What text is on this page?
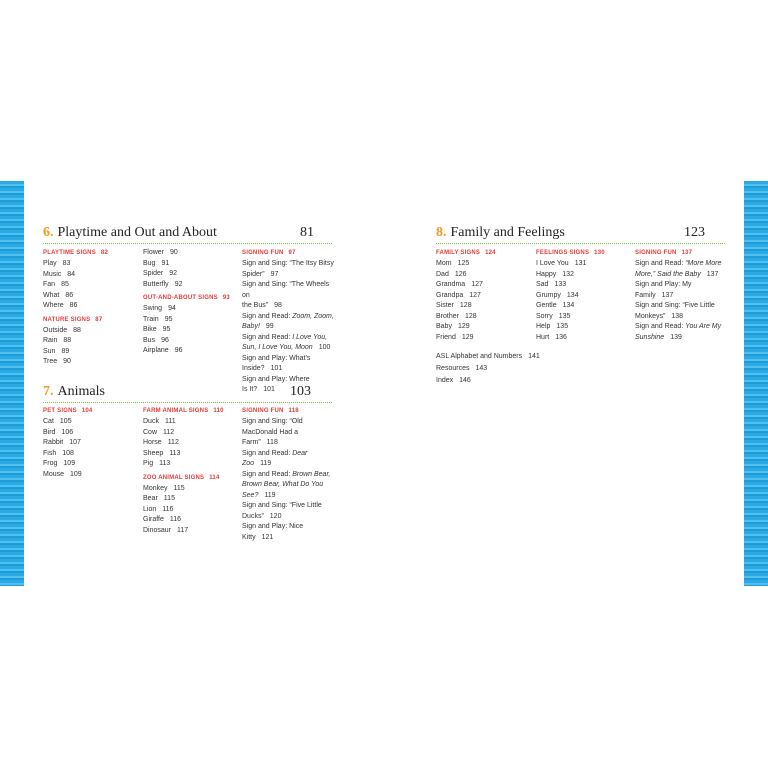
6. Playtime and Out and About	81
PLAYTIME SIGNS 82
Play 83
Music 84
Fan 85
What 86
Where 86
NATURE SIGNS 87
Outside 88
Rain 88
Sun 89
Tree 90
Flower 90
Bug 91
Spider 92
Butterfly 92
OUT-AND-ABOUT SIGNS 93
Swing 94
Train 95
Bike 95
Bus 96
Airplane 96
SIGNING FUN 97
Sign and Sing: “The Itsy Bitsy
Spider” 97
Sign and Sing: “The Wheels on
the Bus” 98
Sign and Read: Zoom, Zoom,
Baby! 99
Sign and Read: I Love You,
Sun, I Love You, Moon 100
Sign and Play: What’s
Inside? 101
Sign and Play: Where
Is It? 101
7. Animals	103
PET SIGNS 104
Cat 105
Bird 106
Rabbit 107
Fish 108
Frog 109
Mouse 109
FARM ANIMAL SIGNS 110
Duck 111
Cow 112
Horse 112
Sheep 113
Pig 113
ZOO ANIMAL SIGNS 114
Monkey 115
Bear 115
Lion 116
Giraffe 116
Dinosaur 117
SIGNING FUN 118
Sign and Sing: “Old
MacDonald Had a Farm” 118
Sign and Read: Dear Zoo 119
Sign and Read: Brown Bear,
Brown Bear, What Do You
See? 119
Sign and Sing: “Five Little
Ducks” 120
Sign and Play: Nice Kitty 121
8. Family and Feelings	123
FAMILY SIGNS 124
Mom 125
Dad 126
Grandma 127
Grandpa 127
Sister 128
Brother 128
Baby 129
Friend 129
FEELINGS SIGNS 130
I Love You 131
Happy 132
Sad 133
Grumpy 134
Gentle 134
Sorry 135
Help 135
Hurt 136
SIGNING FUN 137
Sign and Read: “More More
More,” Said the Baby 137
Sign and Play: My Family 137
Sign and Sing: “Five Little
Monkeys” 138
Sign and Read: You Are My
Sunshine 139
ASL Alphabet and Numbers 141
Resources 143
Index 146
